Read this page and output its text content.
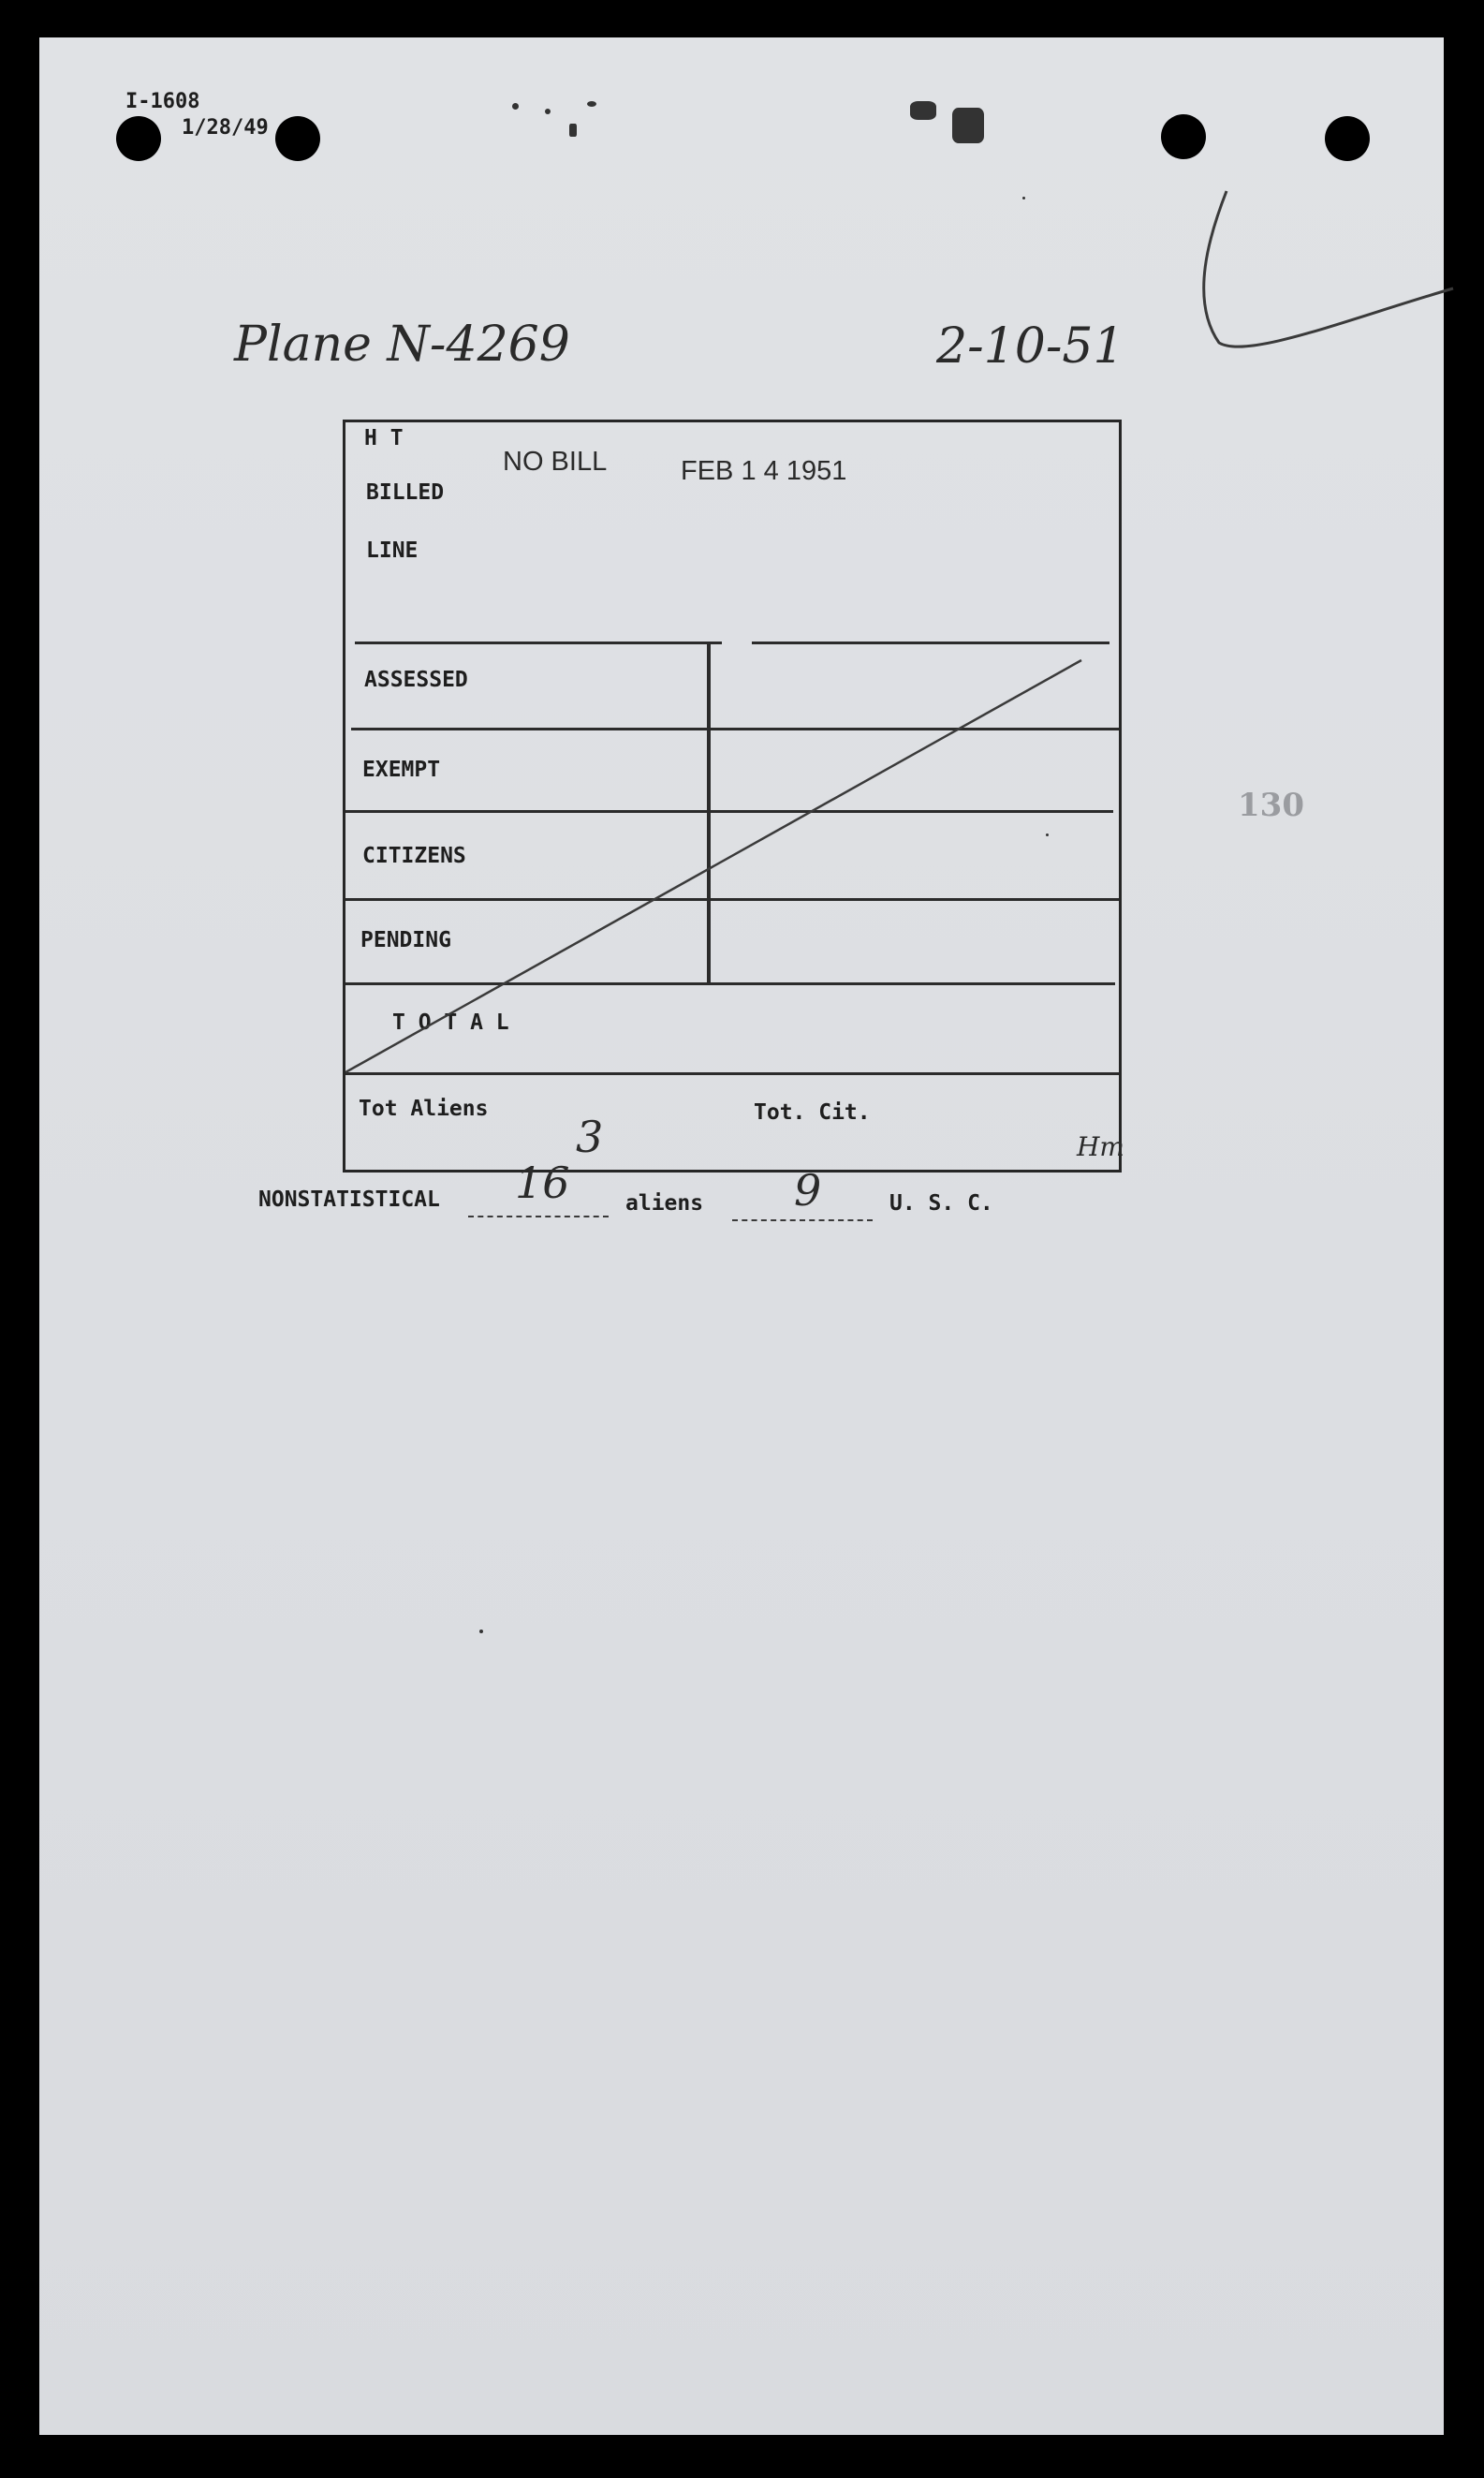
I-1608
1/28/49
Plane N-4269	2-10-51
130
H T
BILLED
LINE
NO BILL	FEB 1 4 1951
ASSESSED
EXEMPT
CITIZENS
PENDING
T O T A L
Tot Aliens	Tot. Cit.
3	Hm
NONSTATISTICAL 16	aliens 9	U. S. C.
